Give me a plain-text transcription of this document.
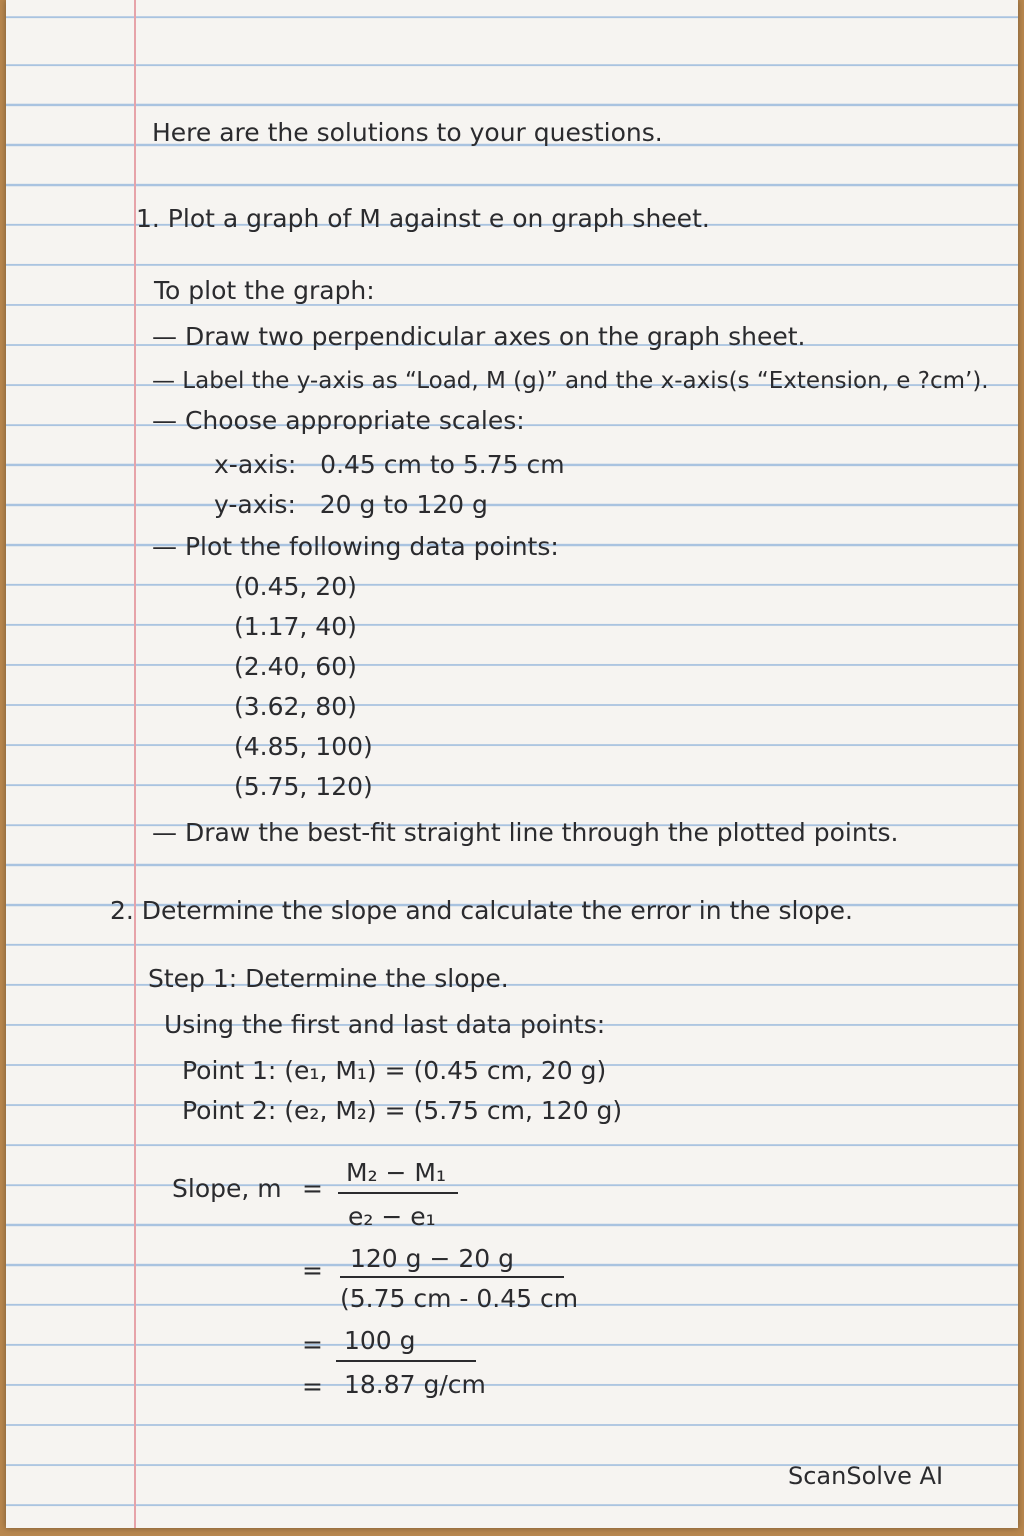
Here are the solutions to your questions.
1. Plot a graph of M against e on graph sheet.
To plot the graph:
— Draw two perpendicular axes on the graph sheet.
— Label the y-axis as “Load, M (g)” and the x-axis(s “Extension, e ?cm’).
— Choose appropriate scales:
x-axis:   0.45 cm to 5.75 cm
y-axis:   20 g to 120 g
— Plot the following data points:
(0.45, 20)
(1.17, 40)
(2.40, 60)
(3.62, 80)
(4.85, 100)
(5.75, 120)
— Draw the best-fit straight line through the plotted points.
2. Determine the slope and calculate the error in the slope.
Step 1: Determine the slope.
Using the first and last data points:
Point 1: (e₁, M₁) = (0.45 cm, 20 g)
Point 2: (e₂, M₂) = (5.75 cm, 120 g)
Slope, m =
M₂ − M₁
e₂ − e₁
= 120 g − 20 g
(5.75 cm - 0.45 cm
= 100 g
= 18.87 g/cm
ScanSolve AI
